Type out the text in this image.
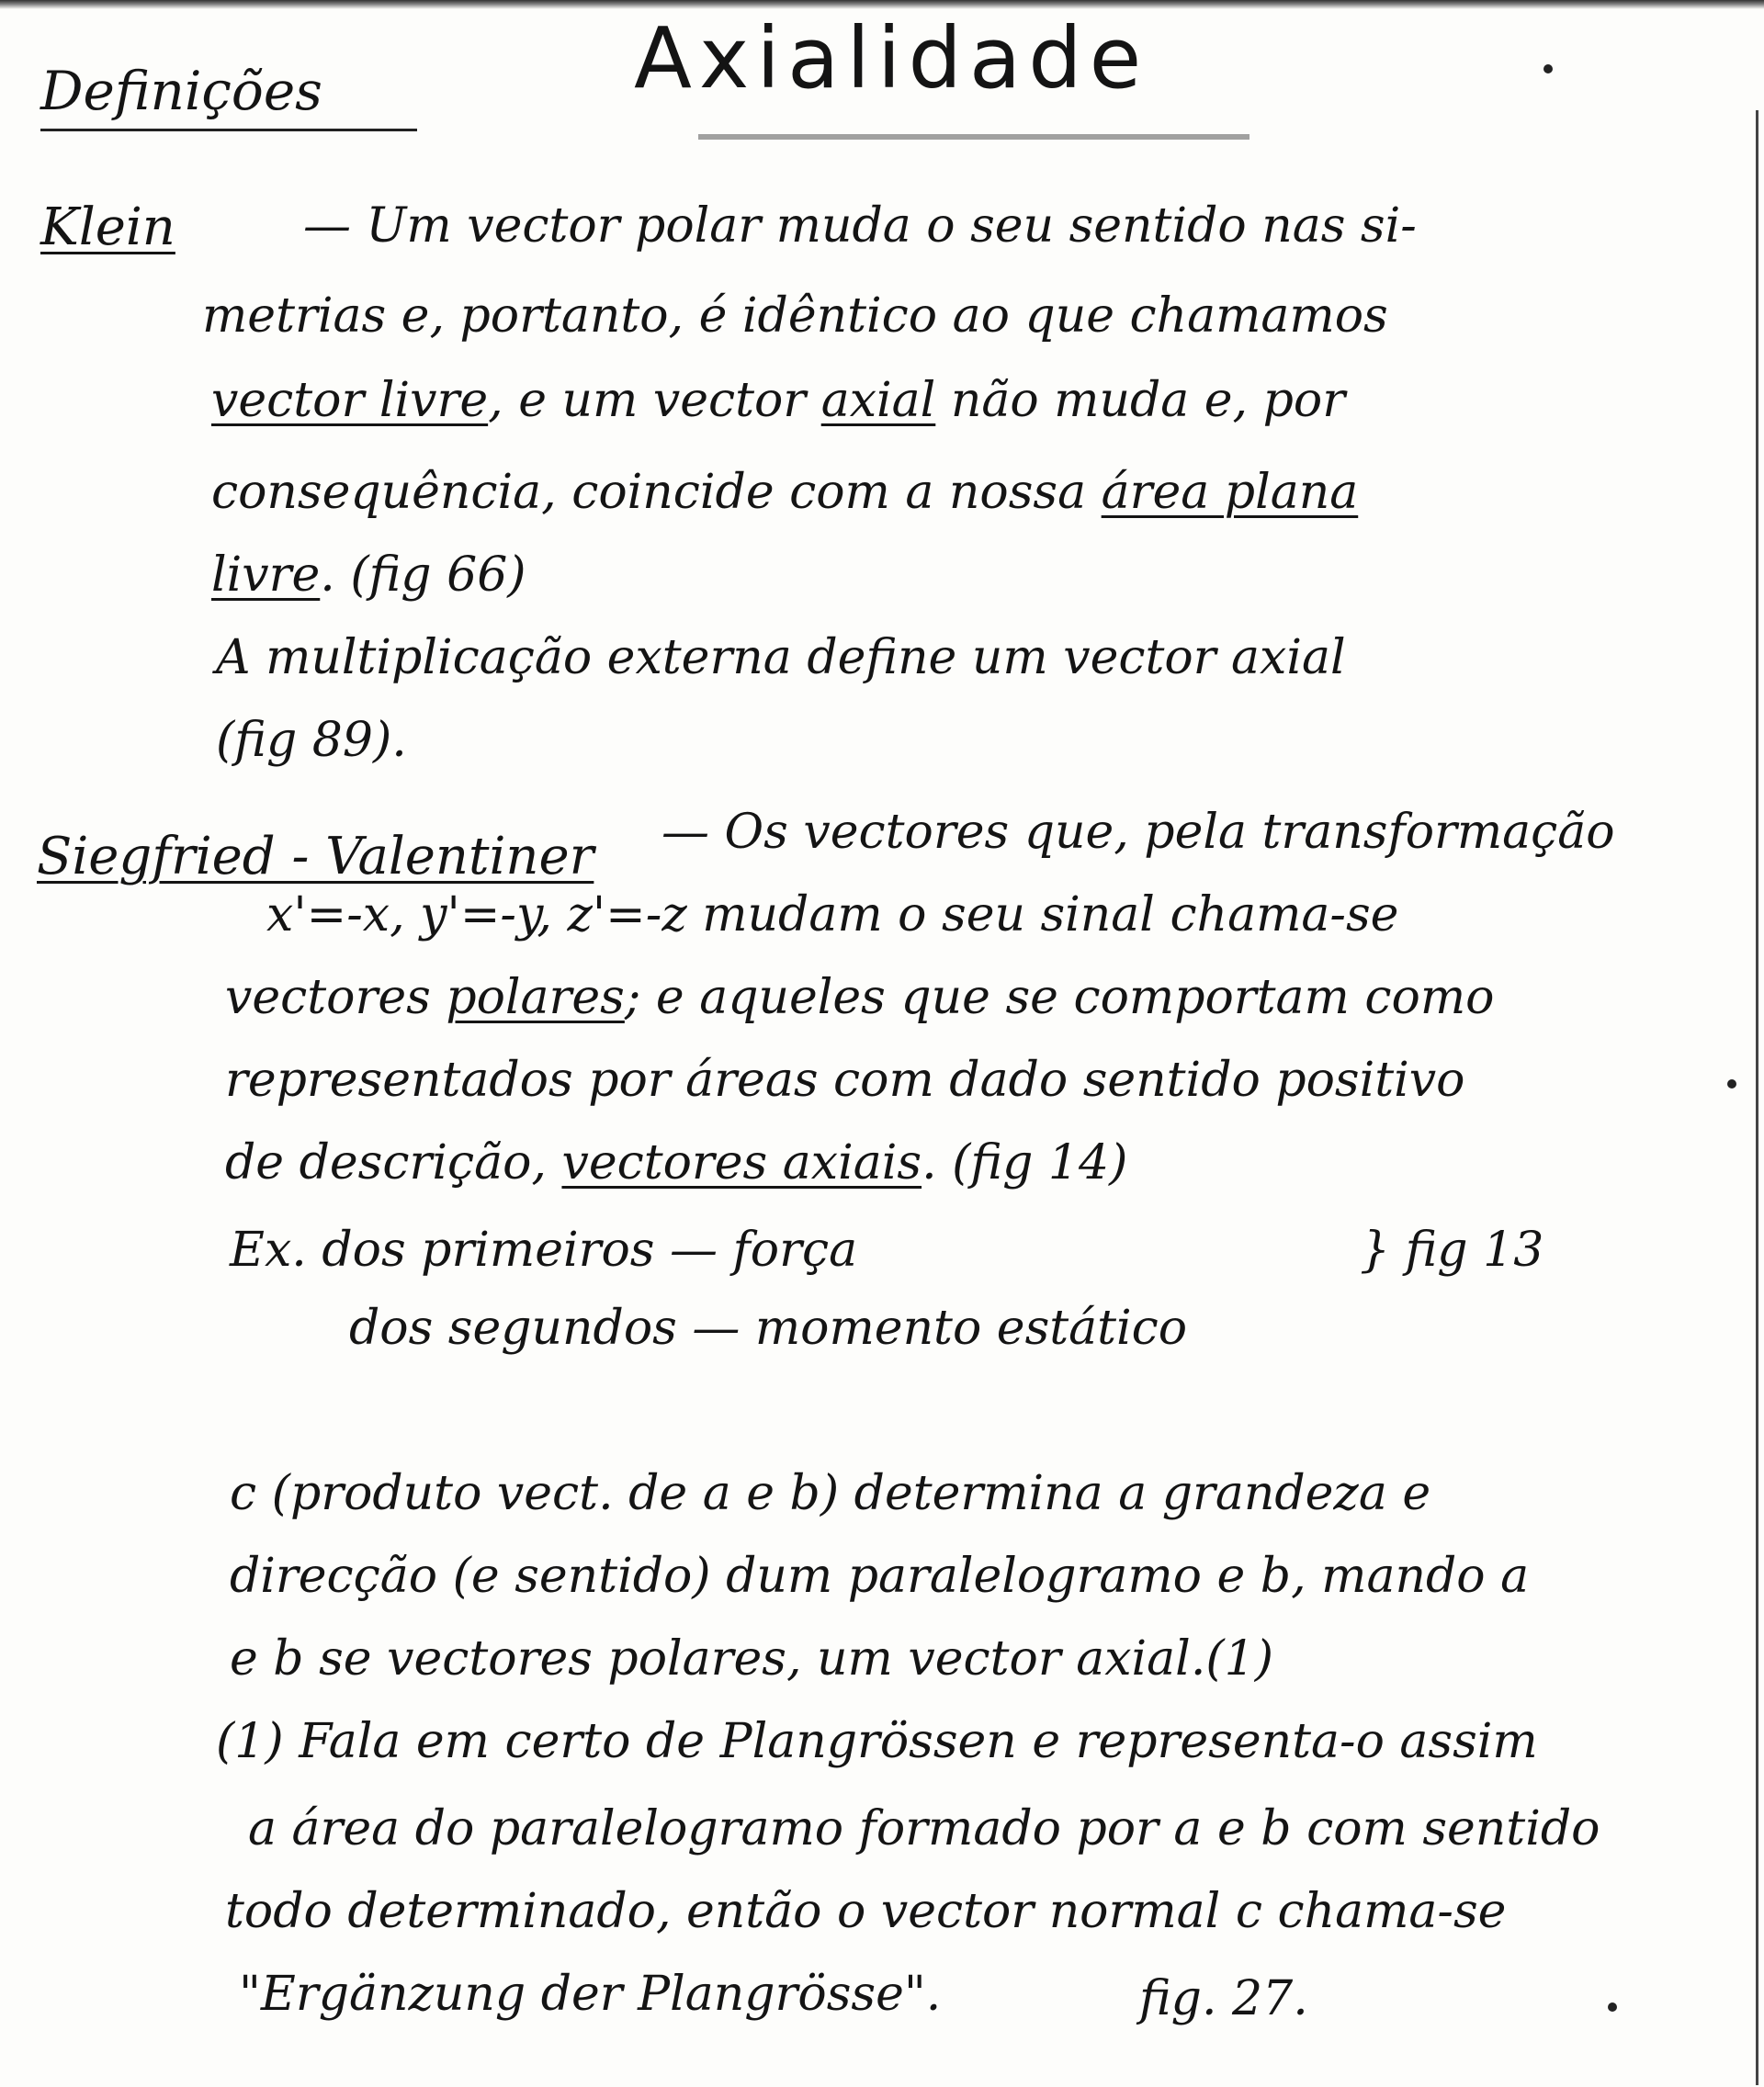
Axialidade
Definições
Klein	— Um vector polar muda o seu sentido nas si-
metrias e, portanto, é idêntico ao que chamamos
vector livre, e um vector axial não muda e, por
consequência, coincide com a nossa área plana
livre. (fig 66)
A multiplicação externa define um vector axial
(fig 89).
Siegfried - Valentiner — Os vectores que, pela transformação
x'=-x, y'=-y, z'=-z mudam o seu sinal chama-se
vectores polares; e aqueles que se comportam como
representados por áreas com dado sentido positivo
de descrição, vectores axiais. (fig 14)
Ex. dos primeiros — força	} fig 13
dos segundos — momento estático
c (produto vect. de a e b) determina a grandeza e
direcção (e sentido) dum paralelogramo e b, mando a
e b se vectores polares, um vector axial.(1)
(1) Fala em certo de Plangrössen e representa-o assim
a área do paralelogramo formado por a e b com sentido
todo determinado, então o vector normal c chama-se
"Ergänzung der Plangrösse".	fig. 27.
